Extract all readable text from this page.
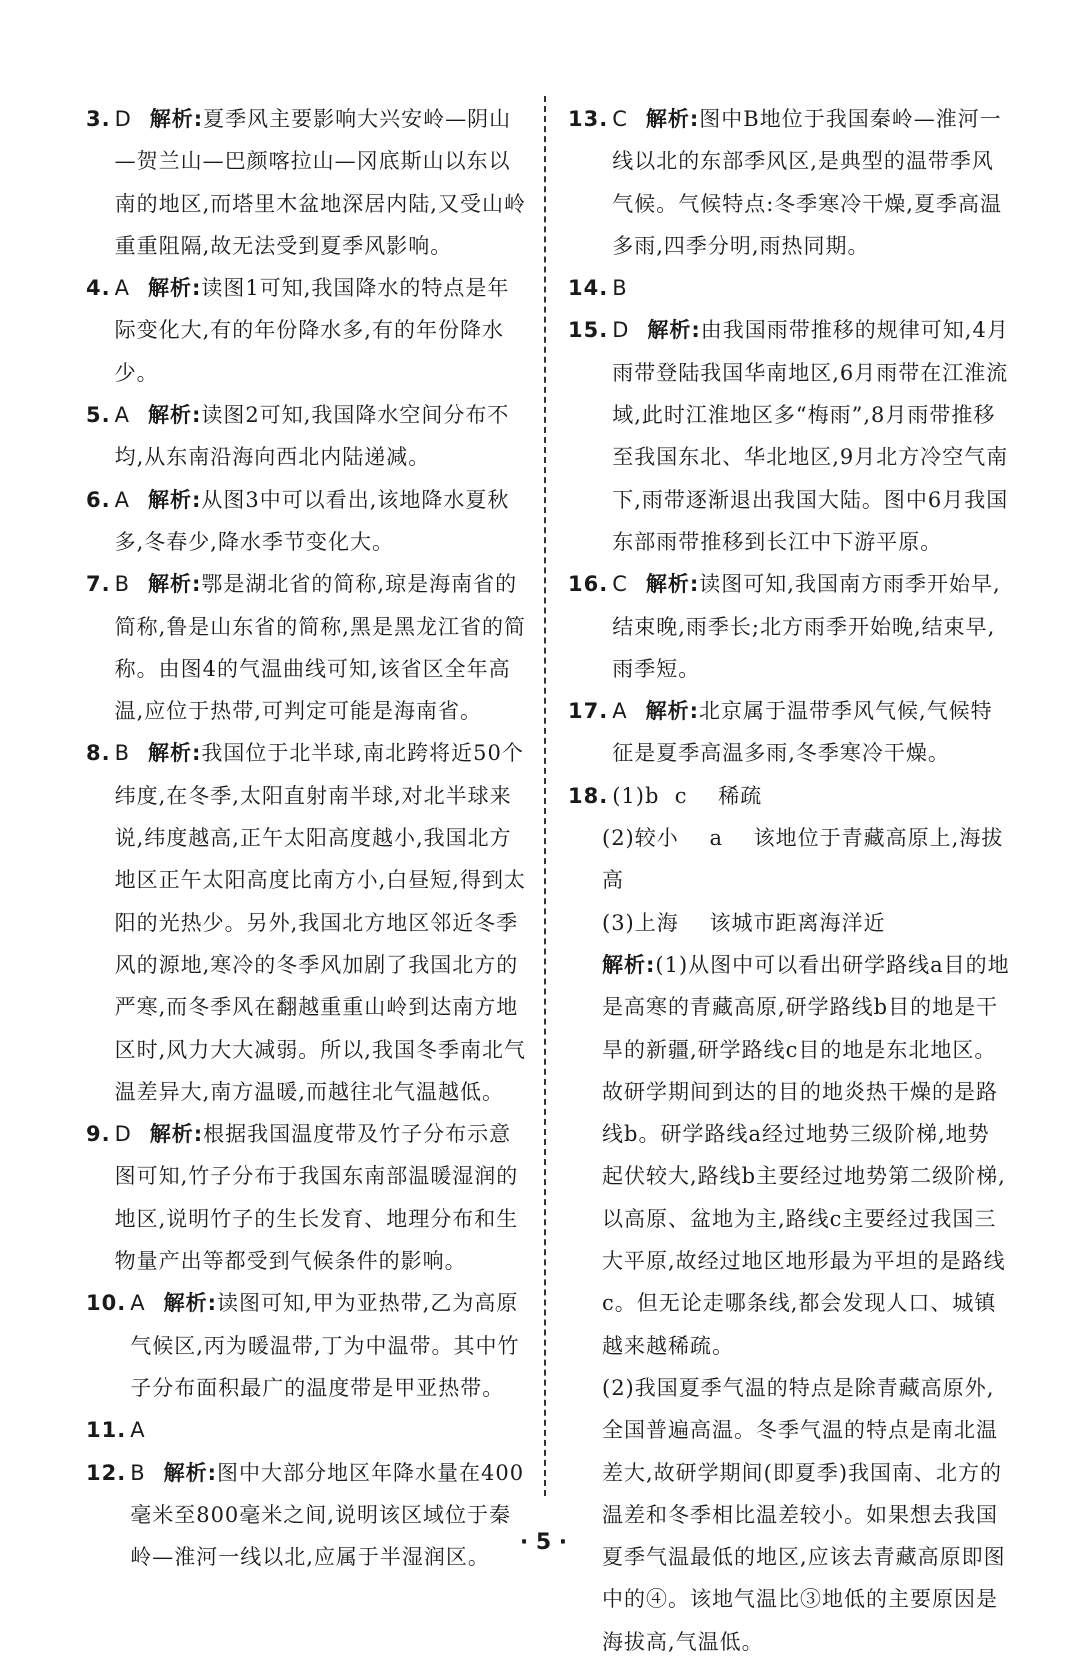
3. D 解析:夏季风主要影响大兴安岭—阴山—贺兰山—巴颜喀拉山—冈底斯山以东以南的地区,而塔里木盆地深居内陆,又受山岭重重阻隔,故无法受到夏季风影响。
4. A 解析:读图1可知,我国降水的特点是年际变化大,有的年份降水多,有的年份降水少。
5. A 解析:读图2可知,我国降水空间分布不均,从东南沿海向西北内陆递减。
6. A 解析:从图3中可以看出,该地降水夏秋多,冬春少,降水季节变化大。
7. B 解析:鄂是湖北省的简称,琼是海南省的简称,鲁是山东省的简称,黑是黑龙江省的简称。由图4的气温曲线可知,该省区全年高温,应位于热带,可判定可能是海南省。
8. B 解析:我国位于北半球,南北跨将近50个纬度,在冬季,太阳直射南半球,对北半球来说,纬度越高,正午太阳高度越小,我国北方地区正午太阳高度比南方小,白昼短,得到太阳的光热少。另外,我国北方地区邻近冬季风的源地,寒冷的冬季风加剧了我国北方的严寒,而冬季风在翻越重重山岭到达南方地区时,风力大大减弱。所以,我国冬季南北气温差异大,南方温暖,而越往北气温越低。
9. D 解析:根据我国温度带及竹子分布示意图可知,竹子分布于我国东南部温暖湿润的地区,说明竹子的生长发育、地理分布和生物量产出等都受到气候条件的影响。
10. A 解析:读图可知,甲为亚热带,乙为高原气候区,丙为暖温带,丁为中温带。其中竹子分布面积最广的温度带是甲亚热带。
11. A
12. B 解析:图中大部分地区年降水量在400毫米至800毫米之间,说明该区域位于秦岭—淮河一线以北,应属于半湿润区。
13. C 解析:图中B地位于我国秦岭—淮河一线以北的东部季风区,是典型的温带季风气候。气候特点:冬季寒冷干燥,夏季高温多雨,四季分明,雨热同期。
14. B
15. D 解析:由我国雨带推移的规律可知,4月雨带登陆我国华南地区,6月雨带在江淮流域,此时江淮地区多“梅雨”,8月雨带推移至我国东北、华北地区,9月北方冷空气南下,雨带逐渐退出我国大陆。图中6月我国东部雨带推移到长江中下游平原。
16. C 解析:读图可知,我国南方雨季开始早,结束晚,雨季长;北方雨季开始晚,结束早,雨季短。
17. A 解析:北京属于温带季风气候,气候特征是夏季高温多雨,冬季寒冷干燥。
18. (1)b c 稀疏
(2)较小 a 该地位于青藏高原上,海拔高
(3)上海 该城市距离海洋近
解析:(1)从图中可以看出研学路线a目的地是高寒的青藏高原,研学路线b目的地是干旱的新疆,研学路线c目的地是东北地区。故研学期间到达的目的地炎热干燥的是路线b。研学路线a经过地势三级阶梯,地势起伏较大,路线b主要经过地势第二级阶梯,以高原、盆地为主,路线c主要经过我国三大平原,故经过地区地形最为平坦的是路线c。但无论走哪条线,都会发现人口、城镇越来越稀疏。
(2)我国夏季气温的特点是除青藏高原外,全国普遍高温。冬季气温的特点是南北温差大,故研学期间(即夏季)我国南、北方的温差和冬季相比温差较小。如果想去我国夏季气温最低的地区,应该去青藏高原即图中的④。该地气温比③地低的主要原因是海拔高,气温低。
· 5 ·
